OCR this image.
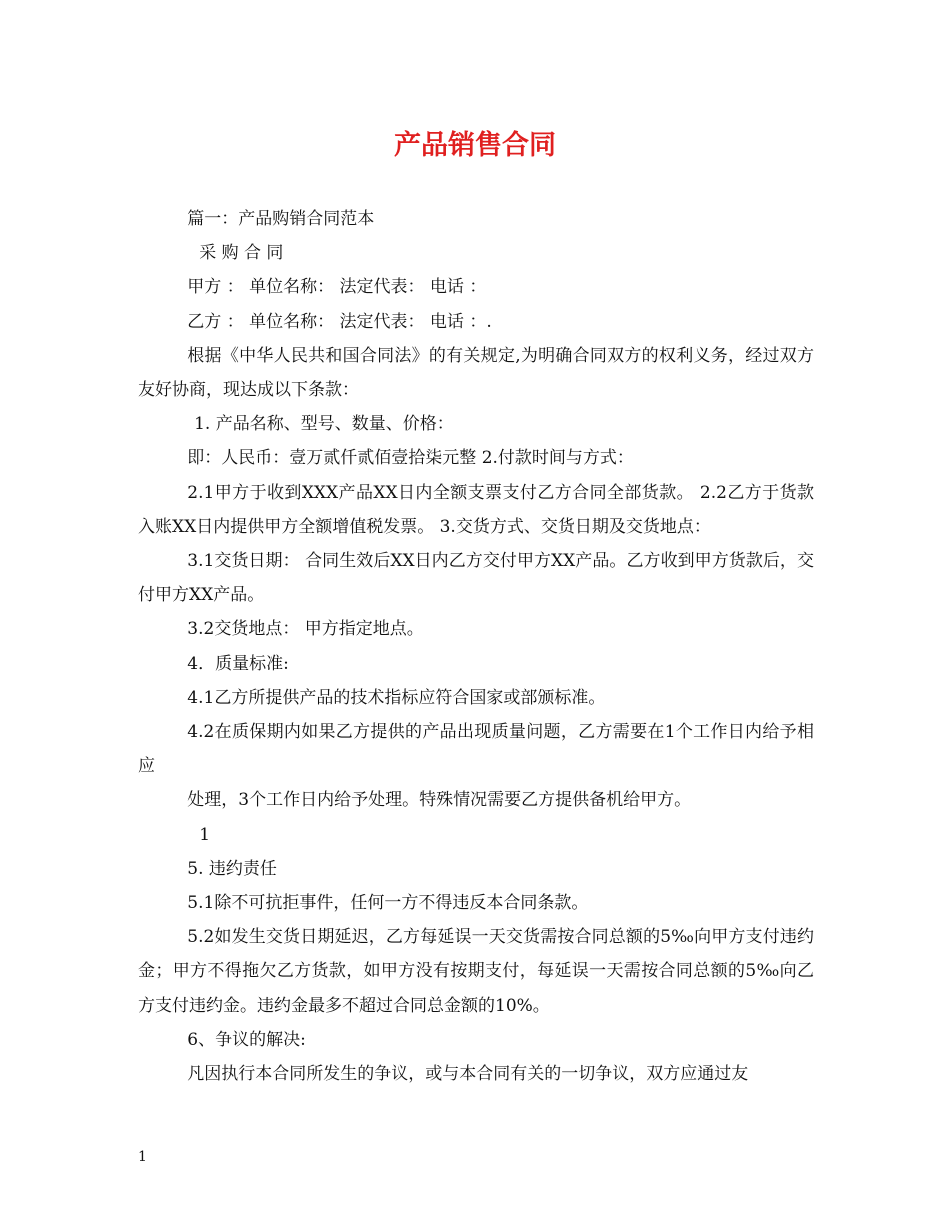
产品销售合同

篇一：产品购销合同范本

采 购 合 同

甲方 ： 单位名称： 法定代表： 电话 ：

乙方 ： 单位名称： 法定代表： 电话 ：.

根据《中华人民共和国合同法》的有关规定,为明确合同双方的权利义务，经过双方友好协商，现达成以下条款：

1. 产品名称、型号、数量、价格：

即：人民币：壹万贰仟贰佰壹拾柒元整 2.付款时间与方式：

2.1甲方于收到XXX产品XX日内全额支票支付乙方合同全部货款。 2.2乙方于货款入账XX日内提供甲方全额增值税发票。 3.交货方式、交货日期及交货地点：

3.1交货日期： 合同生效后XX日内乙方交付甲方XX产品。乙方收到甲方货款后，交付甲方XX产品。

3.2交货地点： 甲方指定地点。

4．质量标准:

4.1乙方所提供产品的技术指标应符合国家或部颁标准。

4.2在质保期内如果乙方提供的产品出现质量问题，乙方需要在1个工作日内给予相应

处理，3个工作日内给予处理。特殊情况需要乙方提供备机给甲方。

1

5. 违约责任

5.1除不可抗拒事件，任何一方不得违反本合同条款。

5.2如发生交货日期延迟，乙方每延误一天交货需按合同总额的5‰向甲方支付违约金；甲方不得拖欠乙方货款，如甲方没有按期支付，每延误一天需按合同总额的5‰向乙方支付违约金。违约金最多不超过合同总金额的10%。

6、争议的解决:

凡因执行本合同所发生的争议，或与本合同有关的一切争议，双方应通过友

1
